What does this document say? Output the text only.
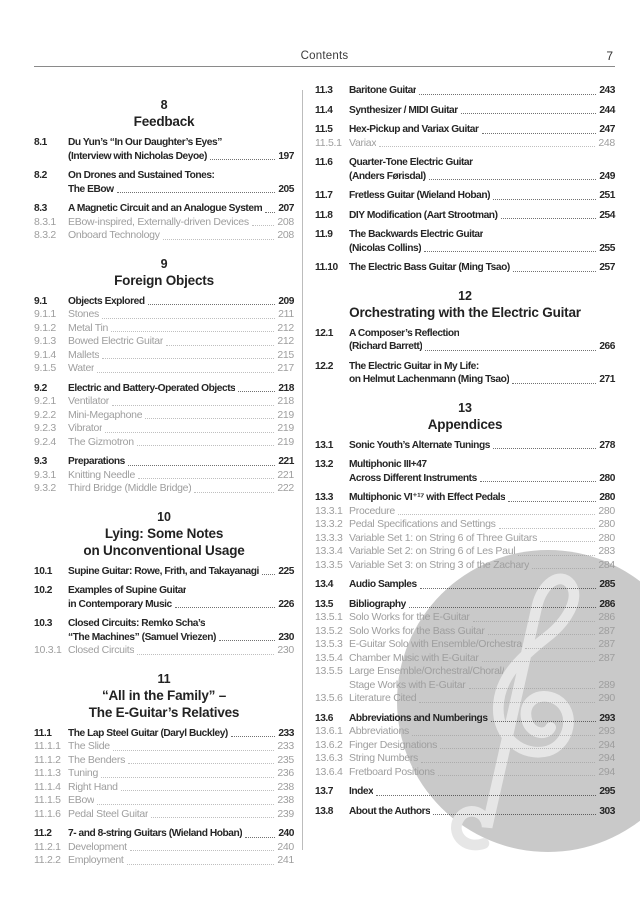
Contents	7
8
Feedback
8.1	Du Yun’s “In Our Daughter’s Eyes”
(Interview with Nicholas Deyoe)	197
8.2	On Drones and Sustained Tones:
The EBow	205
8.3	A Magnetic Circuit and an Analogue System 207
8.3.1	EBow-inspired, Externally-driven Devices	208
8.3.2	Onboard Technology	208
9
Foreign Objects
9.1	Objects Explored	209
9.1.1	Stones	211
9.1.2	Metal Tin	212
9.1.3	Bowed Electric Guitar	212
9.1.4	Mallets	215
9.1.5	Water	217
9.2	Electric and Battery-Operated Objects	218
9.2.1	Ventilator	218
9.2.2	Mini-Megaphone	219
9.2.3	Vibrator	219
9.2.4	The Gizmotron	219
9.3	Preparations	221
9.3.1	Knitting Needle	221
9.3.2	Third Bridge (Middle Bridge)	222
10
Lying: Some Notes
on Unconventional Usage
10.1	Supine Guitar: Rowe, Frith, and Takayanagi 225
10.2	Examples of Supine Guitar
in Contemporary Music	226
10.3	Closed Circuits: Remko Scha’s
“The Machines” (Samuel Vriezen)	230
10.3.1 Closed Circuits	230
11
“All in the Family” –
The E-Guitar’s Relatives
11.1	The Lap Steel Guitar (Daryl Buckley)	233
11.1.1 The Slide	233
11.1.2 The Benders	235
11.1.3 Tuning	236
11.1.4 Right Hand	238
11.1.5 EBow	238
11.1.6 Pedal Steel Guitar	239
11.2	7- and 8-string Guitars (Wieland Hoban)	240
11.2.1 Development	240
11.2.2 Employment	241
11.3	Baritone Guitar	243
11.4	Synthesizer / MIDI Guitar	244
11.5	Hex-Pickup and Variax Guitar	247
11.5.1 Variax	248
11.6	Quarter-Tone Electric Guitar
(Anders Førisdal)	249
11.7	Fretless Guitar (Wieland Hoban)	251
11.8	DIY Modification (Aart Strootman)	254
11.9	The Backwards Electric Guitar
(Nicolas Collins)	255
11.10	The Electric Bass Guitar (Ming Tsao)	257
12
Orchestrating with the Electric Guitar
12.1	A Composer’s Reflection
(Richard Barrett)	266
12.2	The Electric Guitar in My Life:
on Helmut Lachenmann (Ming Tsao)	271
13
Appendices
13.1	Sonic Youth’s Alternate Tunings	278
13.2	Multiphonic III+47
Across Different Instruments	280
13.3	Multiphonic VI⁺¹⁷ with Effect Pedals	280
13.3.1 Procedure	280
13.3.2 Pedal Specifications and Settings	280
13.3.3 Variable Set 1: on String 6 of Three Guitars	280
13.3.4 Variable Set 2: on String 6 of Les Paul	283
13.3.5 Variable Set 3: on String 3 of the Zachary	284
13.4	Audio Samples	285
13.5	Bibliography	286
13.5.1 Solo Works for the E-Guitar	286
13.5.2 Solo Works for the Bass Guitar	287
13.5.3 E-Guitar Solo with Ensemble/Orchestra	287
13.5.4 Chamber Music with E-Guitar	287
13.5.5 Large Ensemble/Orchestral/Choral/
Stage Works with E-Guitar	289
13.5.6 Literature Cited	290
13.6	Abbreviations and Numberings	293
13.6.1 Abbreviations	293
13.6.2 Finger Designations	294
13.6.3 String Numbers	294
13.6.4 Fretboard Positions	294
13.7	Index	295
13.8	About the Authors	303
